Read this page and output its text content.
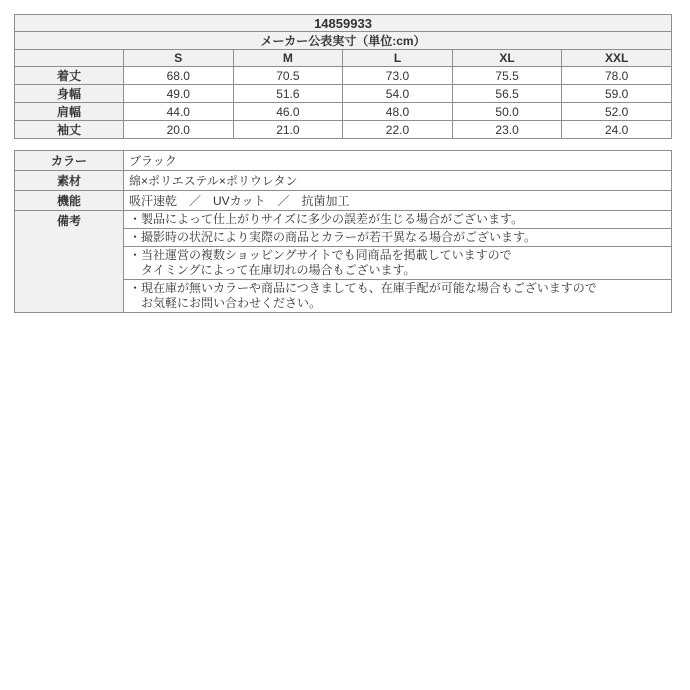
14859933					
メーカー公表実寸（単位:cm）					
	S	M	L	XL	XXL
着丈	68.0	70.5	73.0	75.5	78.0
身幅	49.0	51.6	54.0	56.5	59.0
肩幅	44.0	46.0	48.0	50.0	52.0
袖丈	20.0	21.0	22.0	23.0	24.0
カラー	ブラック
素材	綿×ポリエステル×ポリウレタン
機能	吸汗速乾　／　UVカット　／　抗菌加工
備考	・製品によって仕上がりサイズに多少の誤差が生じる場合がございます。

	・撮影時の状況により実際の商品とカラーが若干異なる場合がございます。

	・当社運営の複数ショッピングサイトでも同商品を掲載していますので
タイミングによって在庫切れの場合もございます。

	・現在庫が無いカラーや商品につきましても、在庫手配が可能な場合もございますので
お気軽にお問い合わせください。
